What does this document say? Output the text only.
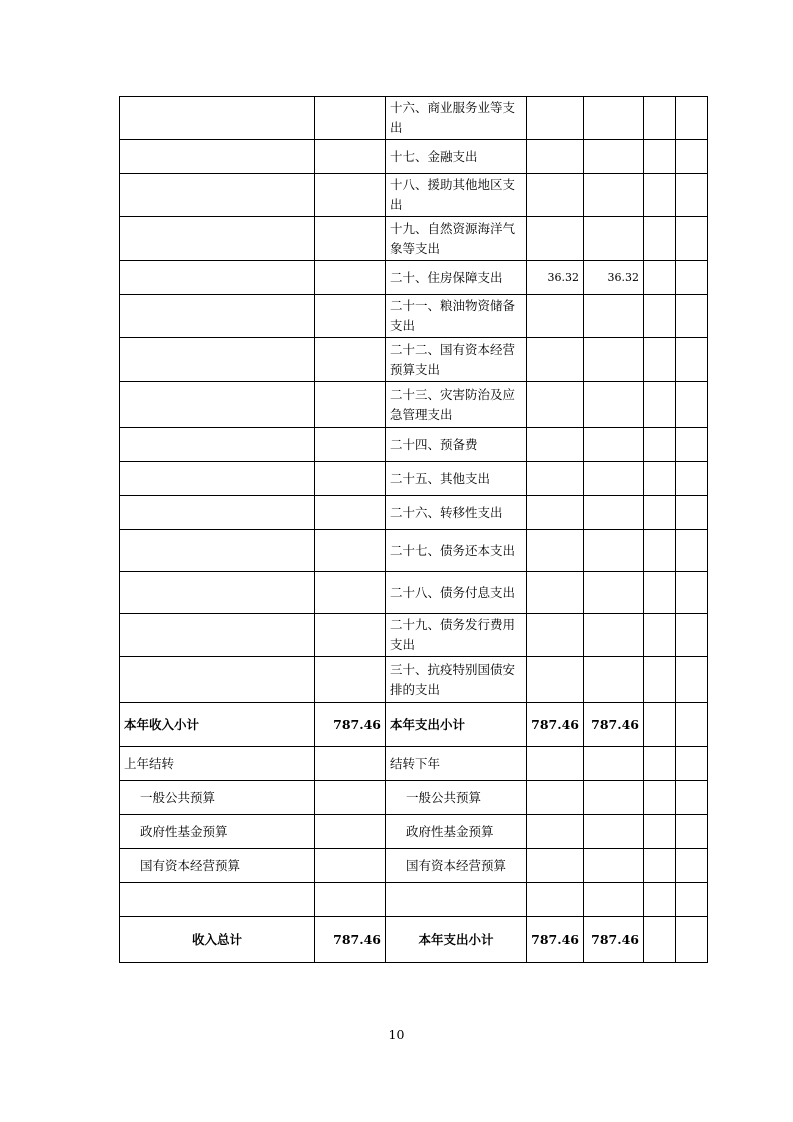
		十六、商业服务业等支出				
		十七、金融支出				
		十八、援助其他地区支出				
		十九、自然资源海洋气象等支出				
		二十、住房保障支出	36.32	36.32		
		二十一、粮油物资储备支出				
		二十二、国有资本经营预算支出				
		二十三、灾害防治及应急管理支出				
		二十四、预备费				
		二十五、其他支出				
		二十六、转移性支出				
		二十七、债务还本支出				
		二十八、债务付息支出				
		二十九、债务发行费用支出				
		三十、抗疫特别国债安排的支出				
本年收入小计	787.46	本年支出小计	787.46	787.46		
上年结转		结转下年				
一般公共预算		一般公共预算				
政府性基金预算		政府性基金预算				
国有资本经营预算		国有资本经营预算				

收入总计	787.46	本年支出小计	787.46	787.46		
10
